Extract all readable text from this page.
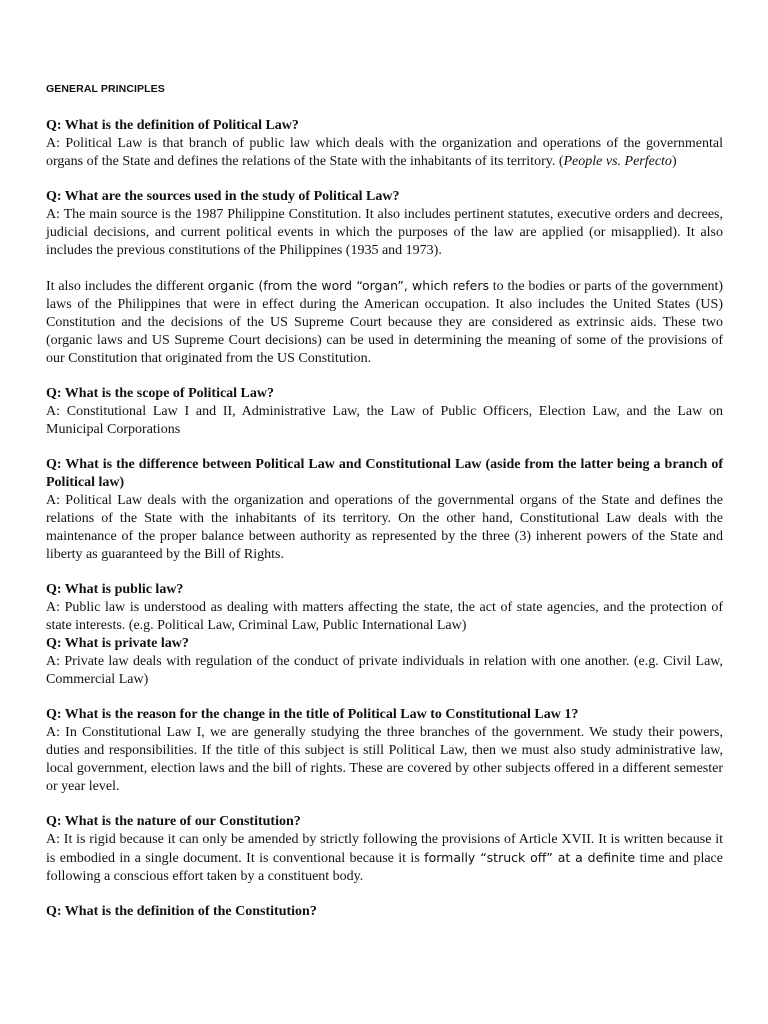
GENERAL PRINCIPLES
Q: What is the definition of Political Law?
A: Political Law is that branch of public law which deals with the organization and operations of the governmental organs of the State and defines the relations of the State with the inhabitants of its territory. (People vs. Perfecto)
Q: What are the sources used in the study of Political Law?
A: The main source is the 1987 Philippine Constitution. It also includes pertinent statutes, executive orders and decrees, judicial decisions, and current political events in which the purposes of the law are applied (or misapplied). It also includes the previous constitutions of the Philippines (1935 and 1973).
It also includes the different organic (from the word “organ”, which refers to the bodies or parts of the government) laws of the Philippines that were in effect during the American occupation. It also includes the United States (US) Constitution and the decisions of the US Supreme Court because they are considered as extrinsic aids. These two (organic laws and US Supreme Court decisions) can be used in determining the meaning of some of the provisions of our Constitution that originated from the US Constitution.
Q: What is the scope of Political Law?
A: Constitutional Law I and II, Administrative Law, the Law of Public Officers, Election Law, and the Law on Municipal Corporations
Q: What is the difference between Political Law and Constitutional Law (aside from the latter being a branch of Political law)
A: Political Law deals with the organization and operations of the governmental organs of the State and defines the relations of the State with the inhabitants of its territory. On the other hand, Constitutional Law deals with the maintenance of the proper balance between authority as represented by the three (3) inherent powers of the State and liberty as guaranteed by the Bill of Rights.
Q: What is public law?
A: Public law is understood as dealing with matters affecting the state, the act of state agencies, and the protection of state interests. (e.g. Political Law, Criminal Law, Public International Law)
Q: What is private law?
A: Private law deals with regulation of the conduct of private individuals in relation with one another. (e.g. Civil Law, Commercial Law)
Q: What is the reason for the change in the title of Political Law to Constitutional Law 1?
A: In Constitutional Law I, we are generally studying the three branches of the government. We study their powers, duties and responsibilities. If the title of this subject is still Political Law, then we must also study administrative law, local government, election laws and the bill of rights. These are covered by other subjects offered in a different semester or year level.
Q: What is the nature of our Constitution?
A: It is rigid because it can only be amended by strictly following the provisions of Article XVII. It is written because it is embodied in a single document. It is conventional because it is formally “struck off” at a definite time and place following a conscious effort taken by a constituent body.
Q: What is the definition of the Constitution?
